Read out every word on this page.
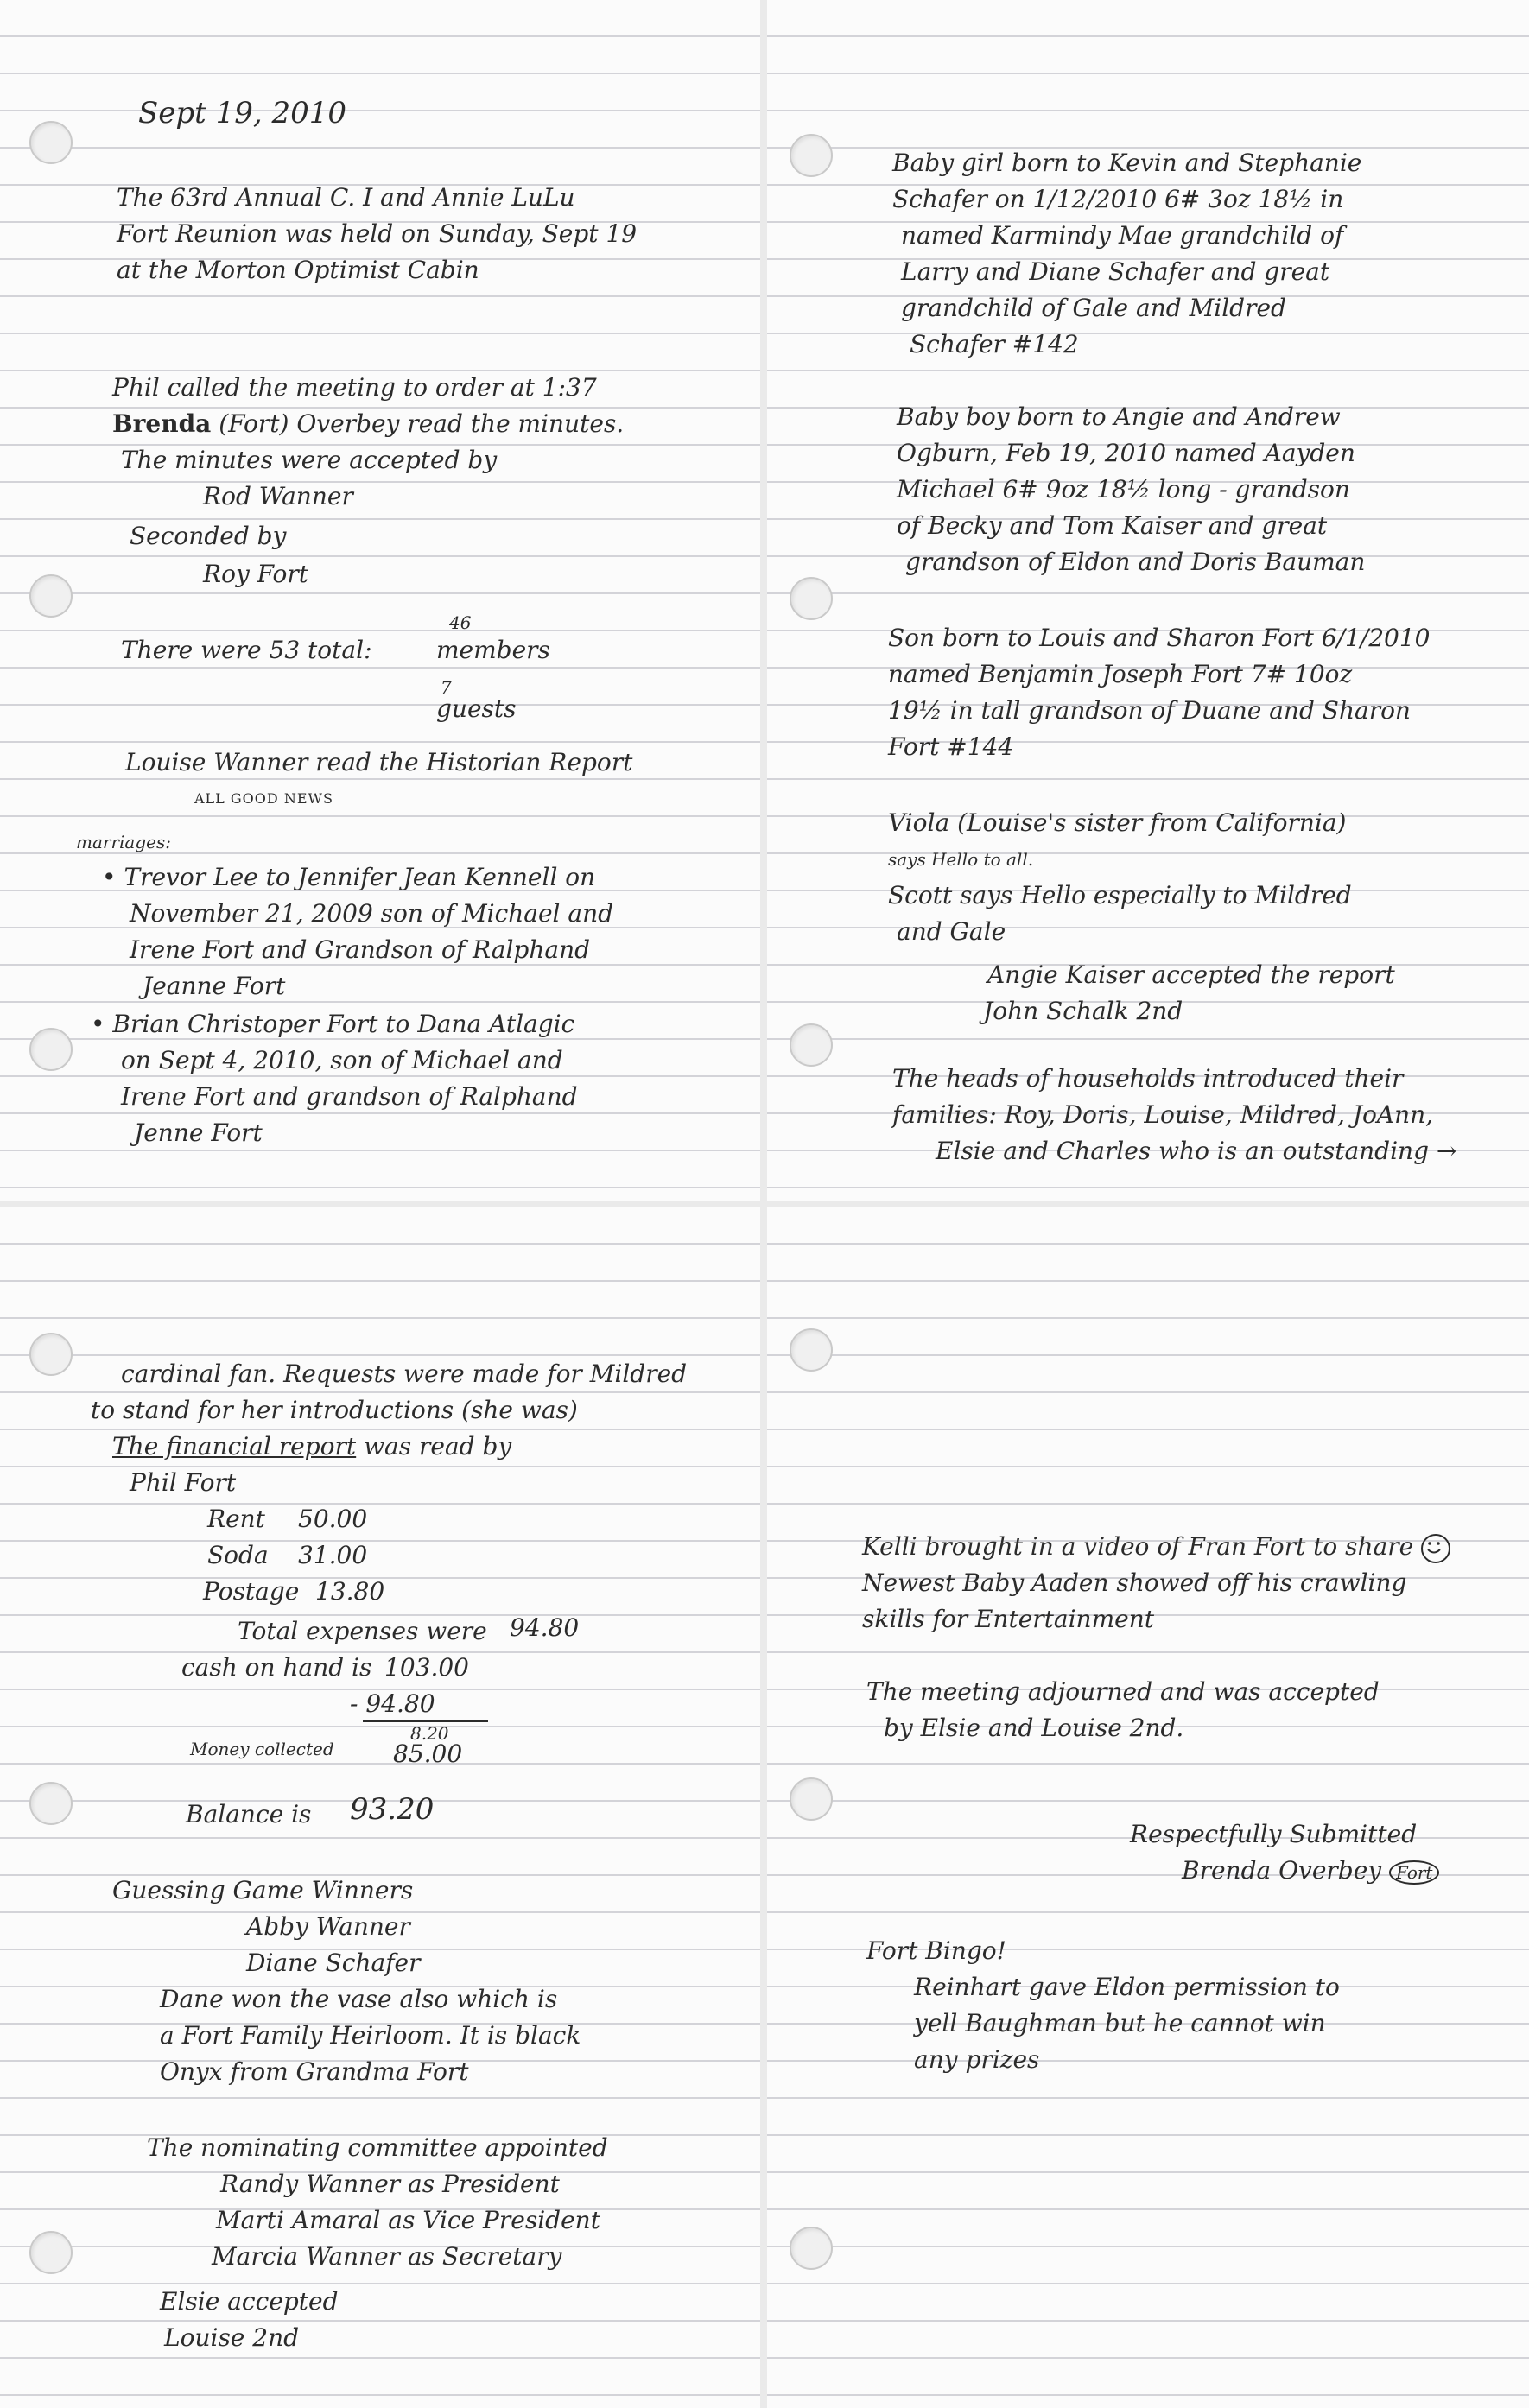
Sept 19, 2010

The 63rd Annual C. I and Annie LuLu

Fort Reunion was held on Sunday, Sept 19

at the Morton Optimist Cabin

Phil called the meeting to order at 1:37

Brenda (Fort) Overbey read the minutes.

The minutes were accepted by

Rod Wanner

Seconded by

Roy Fort

46

There were 53 total:	members

7

guests

Louise Wanner read the Historian Report

ALL GOOD NEWS

marriages:

• Trevor Lee to Jennifer Jean Kennell on

November 21, 2009 son of Michael and

Irene Fort and Grandson of Ralphand

Jeanne Fort

• Brian Christoper Fort to Dana Atlagic

on Sept 4, 2010, son of Michael and

Irene Fort and grandson of Ralphand

Jenne Fort

Baby girl born to Kevin and Stephanie

Schafer on 1/12/2010 6# 3oz 18½ in

named Karmindy Mae grandchild of

Larry and Diane Schafer and great

grandchild of Gale and Mildred

Schafer #142

Baby boy born to Angie and Andrew

Ogburn, Feb 19, 2010 named Aayden

Michael 6# 9oz 18½ long - grandson

of Becky and Tom Kaiser and great

grandson of Eldon and Doris Bauman

Son born to Louis and Sharon Fort 6/1/2010

named Benjamin Joseph Fort 7# 10oz

19½ in tall grandson of Duane and Sharon

Fort #144

Viola (Louise's sister from California)

says Hello to all.

Scott says Hello especially to Mildred

and Gale

Angie Kaiser accepted the report

John Schalk 2nd

The heads of households introduced their

families: Roy, Doris, Louise, Mildred, JoAnn,

Elsie and Charles who is an outstanding →

cardinal fan. Requests were made for Mildred

to stand for her introductions (she was)

The financial report was read by

Phil Fort

Rent 50.00

Soda 31.00

Postage 13.80

Total expenses were 94.80

cash on hand is 103.00

- 94.80

8.20

Money collected 85.00

Balance is 93.20

Guessing Game Winners

Abby Wanner

Diane Schafer

Dane won the vase also which is

a Fort Family Heirloom. It is black

Onyx from Grandma Fort

The nominating committee appointed

Randy Wanner as President

Marti Amaral as Vice President

Marcia Wanner as Secretary

Elsie accepted

Louise 2nd

Kelli brought in a video of Fran Fort to share

Newest Baby Aaden showed off his crawling

skills for Entertainment

The meeting adjourned and was accepted

by Elsie and Louise 2nd.

Respectfully Submitted

Brenda Overbey Fort

Fort Bingo!

Reinhart gave Eldon permission to

yell Baughman but he cannot win

any prizes
